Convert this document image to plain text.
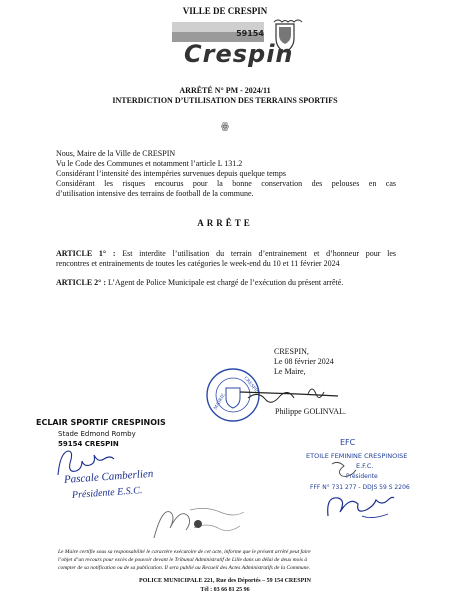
VILLE DE CRESPIN
59154
Crespin
ARRÊTÉ N° PM - 2024/11
INTERDICTION D’UTILISATION DES TERRAINS SPORTIFS
ꙮ
Nous, Maire de la Ville de CRESPIN
Vu le Code des Communes et notamment l’article L 131.2
Considérant l’intensité des intempéries survenues depuis quelque temps
Considérant les risques encourus pour la bonne conservation des pelouses en cas
d’utilisation intensive des terrains de football de la commune.
ARRÊTE
ARTICLE 1° : Est interdite l’utilisation du terrain d’entrainement et d’honneur pour les
rencontres et entrainements de toutes les catégories le week-end du 10 et 11 février 2024
ARTICLE 2° : L’Agent de Police Municipale est chargé de l’exécution du présent arrêté.
CRESPIN,
Le 08 février 2024
Le Maire,
MAIRIE
CRESPIN
Philippe GOLINVAL.
ECLAIR SPORTIF CRESPINOIS
Stade Edmond Romby
59154 CRESPIN
Pascale Camberlien
Présidente E.S.C.
EFC
ETOILE FEMININE CRESPINOISE
E.F.C.
Présidente
FFF N° 731 277 - DDJS 59 S 2206
Le Maire certifie sous sa responsabilité le caractère exécutoire de cet acte, informe que le présent arrêté peut faire
l’objet d’un recours pour excès de pouvoir devant le Tribunal Administratif de Lille dans un délai de deux mois à
compter de sa notification ou de sa publication. Il sera publié au Recueil des Actes Administratifs de la Commune.
POLICE MUNICIPALE 221, Rue des Déportés – 59 154 CRESPIN
Tél : 03 66 81 25 96
